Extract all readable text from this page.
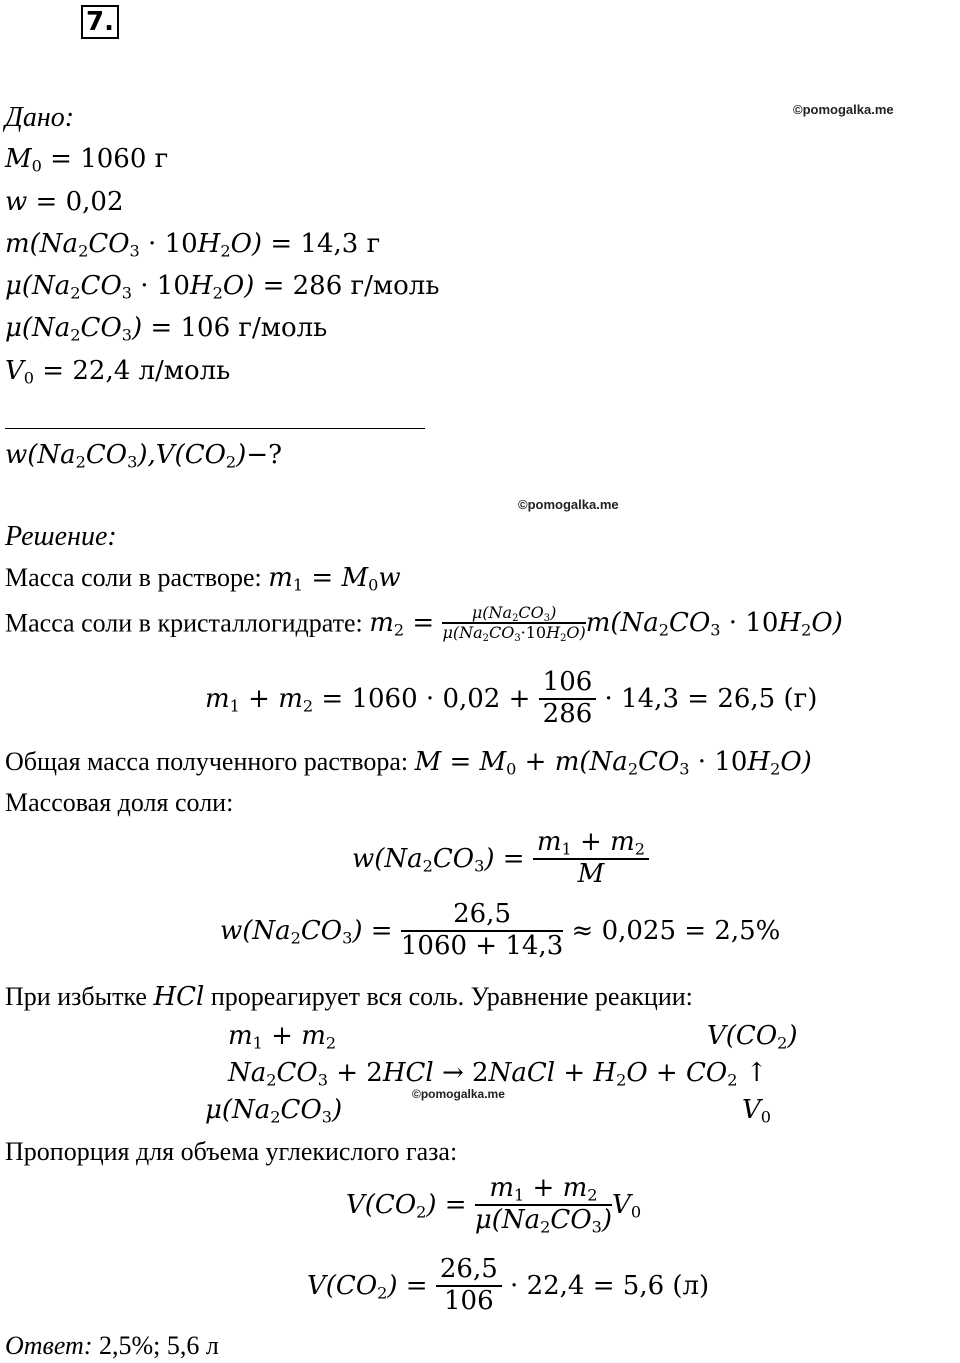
7.
©pomogalka.me
©pomogalka.me
©pomogalka.me
Дано:
$M_0 = 1060$ г
w = 0,02
$m(Na_2CO_3 \cdot 10H_2O) = 14,3$ г
$\mu(Na_2CO_3 \cdot 10H_2O) = 286$ г/моль
$\mu(Na_2CO_3) = 106$ г/моль
$V_0 = 22,4$ л/моль
$w(Na_2CO_3),V(CO_2)-$?
Решение:
Масса соли в растворе: $m_1 = M_0w$
Масса соли в кристаллогидрате: $m_2 = \frac{\mu(Na_2CO_3)}{\mu(Na_2CO_3\cdot 10H_2O)} m(Na_2CO_3 \cdot 10H_2O)$
$m_1 + m_2 = 1060 \cdot 0,02 + \frac{106}{286} \cdot 14,3 = 26,5$ (г)
Общая масса полученного раствора: $M = M_0 + m(Na_2CO_3 \cdot 10H_2O)$
Массовая доля соли:
$w(Na_2CO_3) = \frac{m_1 + m_2}{M}$
$w(Na_2CO_3) = \frac{26,5}{1060 + 14,3} \approx 0,025 = 2,5\%$
При избытке HCl прореагирует вся соль. Уравнение реакции:
$m_1 + m_2$	$V(CO_2)$
$Na_2CO_3 + 2HCl$ → 2NaCl + $H_2O + CO_2$ ↑
$\mu(Na_2CO_3)$	$V_0$
Пропорция для объема углекислого газа:
$V(CO_2) = \frac{m_1 + m_2}{\mu(Na_2CO_3)} V_0$
$V(CO_2) = \frac{26,5}{106} \cdot 22,4 = 5,6$ (л)
Ответ: 2,5%; 5,6 л
